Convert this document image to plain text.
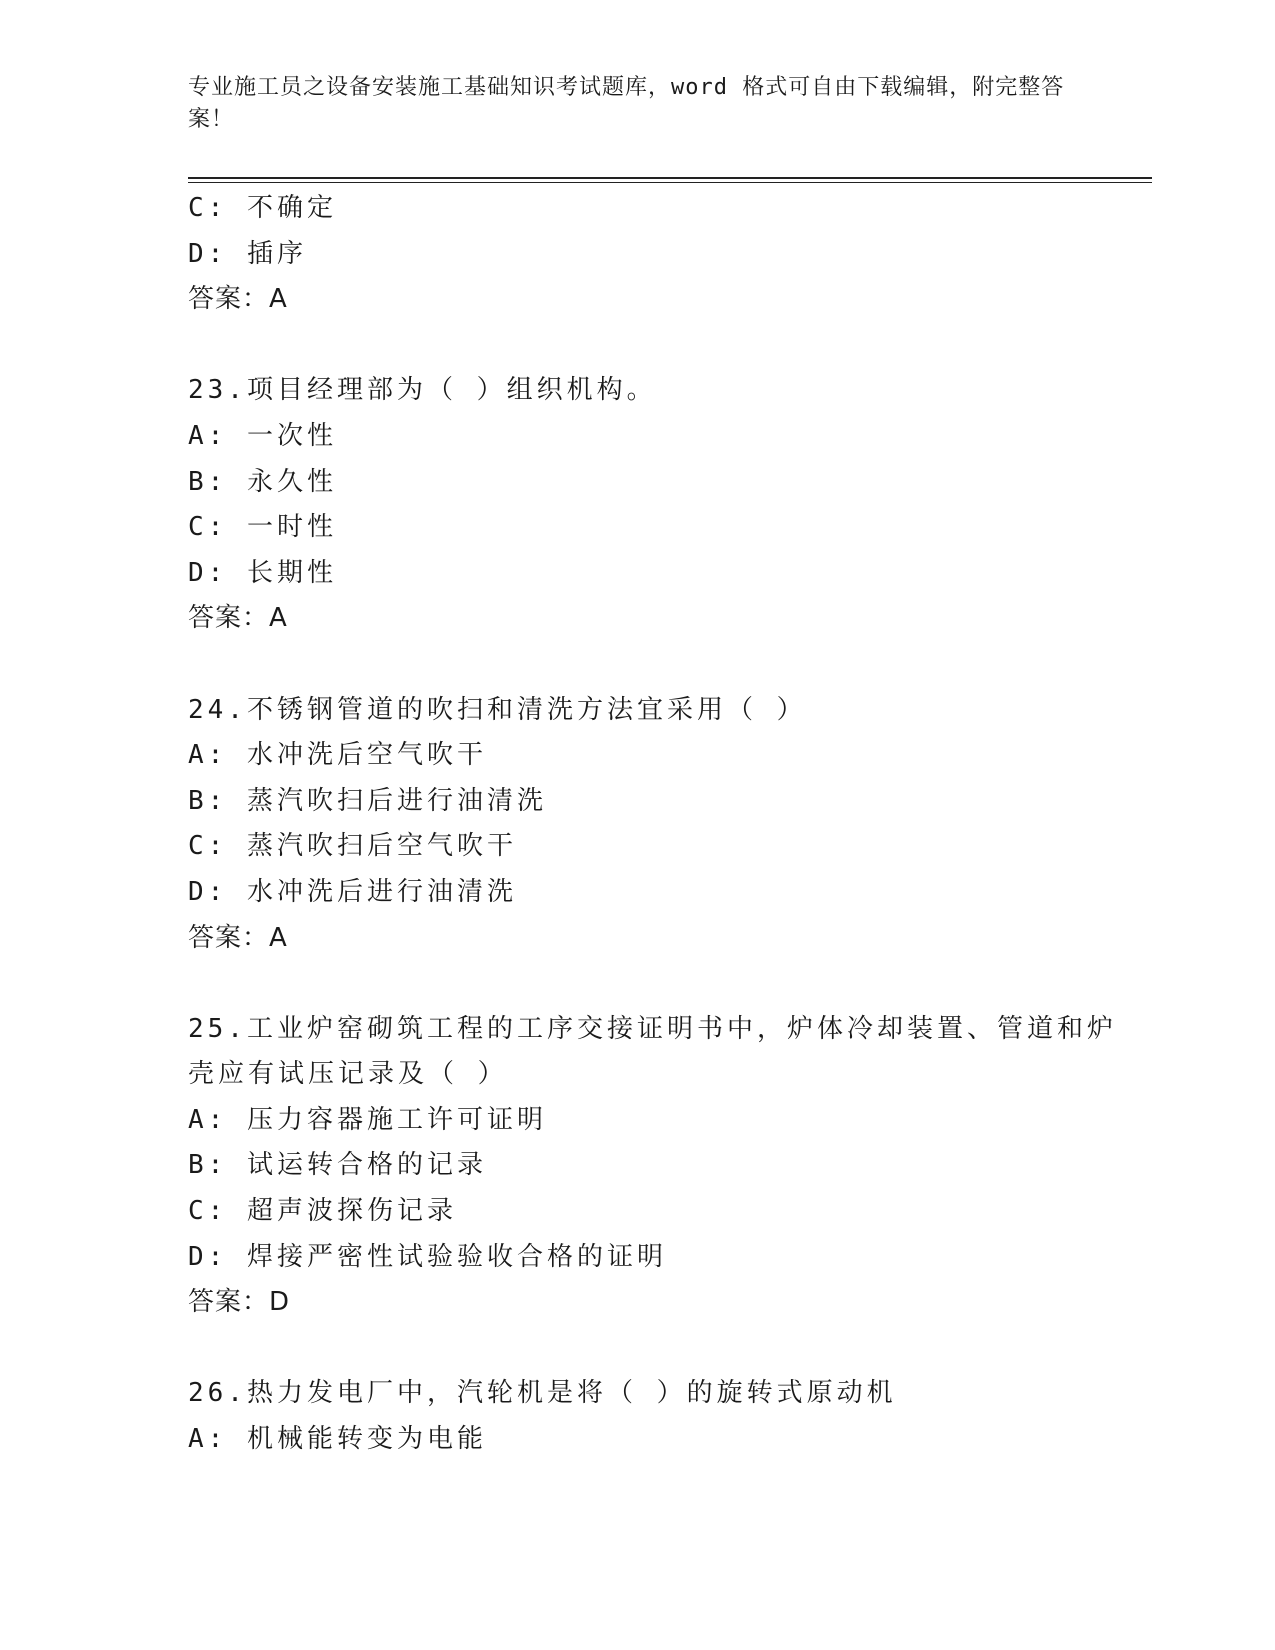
专业施工员之设备安装施工基础知识考试题库，word 格式可自由下载编辑，附完整答案！
C: 不确定
D: 插序
答案：A
23.项目经理部为（ ）组织机构。
A: 一次性
B: 永久性
C: 一时性
D: 长期性
答案：A
24.不锈钢管道的吹扫和清洗方法宜采用（ ）
A: 水冲洗后空气吹干
B: 蒸汽吹扫后进行油清洗
C: 蒸汽吹扫后空气吹干
D: 水冲洗后进行油清洗
答案：A
25.工业炉窑砌筑工程的工序交接证明书中，炉体冷却装置、管道和炉
壳应有试压记录及（ ）
A: 压力容器施工许可证明
B: 试运转合格的记录
C: 超声波探伤记录
D: 焊接严密性试验验收合格的证明
答案：D
26.热力发电厂中，汽轮机是将（ ）的旋转式原动机
A: 机械能转变为电能
